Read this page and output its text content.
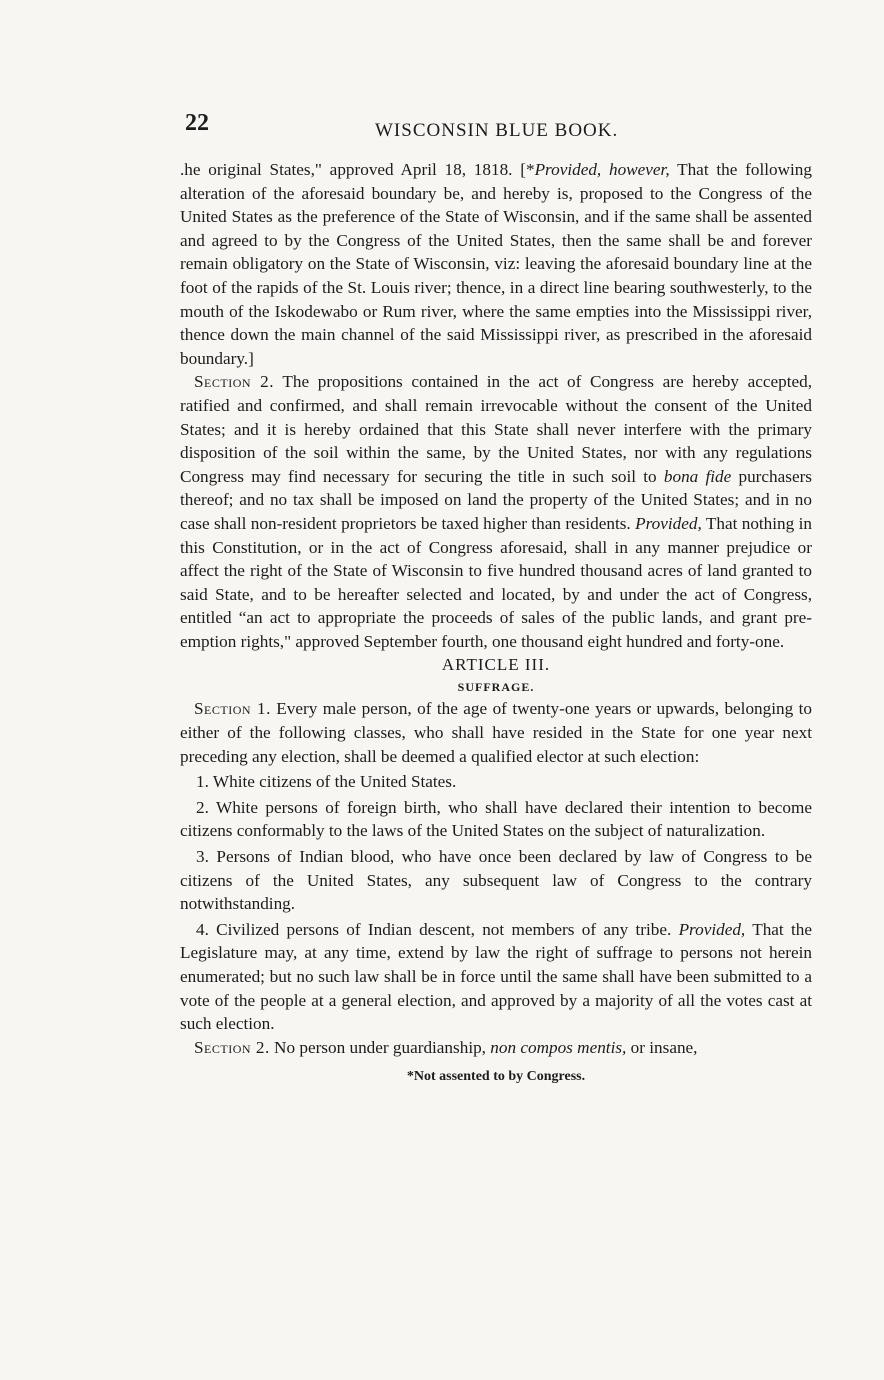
22	WISCONSIN BLUE BOOK.

.he original States," approved April 18, 1818. [*Provided, however, That the following alteration of the aforesaid boundary be, and hereby is, proposed to the Congress of the United States as the preference of the State of Wisconsin, and if the same shall be assented and agreed to by the Congress of the United States, then the same shall be and forever remain obligatory on the State of Wisconsin, viz: leaving the aforesaid boundary line at the foot of the rapids of the St. Louis river; thence, in a direct line bearing southwesterly, to the mouth of the Iskodewabo or Rum river, where the same empties into the Mississippi river, thence down the main channel of the said Mississippi river, as prescribed in the aforesaid boundary.]

Section 2. The propositions contained in the act of Congress are hereby accepted, ratified and confirmed, and shall remain irrevocable without the consent of the United States; and it is hereby ordained that this State shall never interfere with the primary disposition of the soil within the same, by the United States, nor with any regulations Congress may find necessary for securing the title in such soil to bona fide purchasers thereof; and no tax shall be imposed on land the property of the United States; and in no case shall non-resident proprietors be taxed higher than residents. Provided, That nothing in this Constitution, or in the act of Congress aforesaid, shall in any manner prejudice or affect the right of the State of Wisconsin to five hundred thousand acres of land granted to said State, and to be hereafter selected and located, by and under the act of Congress, entitled “an act to appropriate the proceeds of sales of the public lands, and grant pre-emption rights," approved September fourth, one thousand eight hundred and forty-one.

ARTICLE III.

SUFFRAGE.

Section 1. Every male person, of the age of twenty-one years or upwards, belonging to either of the following classes, who shall have resided in the State for one year next preceding any election, shall be deemed a qualified elector at such election:

1. White citizens of the United States.

2. White persons of foreign birth, who shall have declared their intention to become citizens conformably to the laws of the United States on the subject of naturalization.

3. Persons of Indian blood, who have once been declared by law of Congress to be citizens of the United States, any subsequent law of Congress to the contrary notwithstanding.

4. Civilized persons of Indian descent, not members of any tribe. Provided, That the Legislature may, at any time, extend by law the right of suffrage to persons not herein enumerated; but no such law shall be in force until the same shall have been submitted to a vote of the people at a general election, and approved by a majority of all the votes cast at such election.

Section 2. No person under guardianship, non compos mentis, or insane,

*Not assented to by Congress.
